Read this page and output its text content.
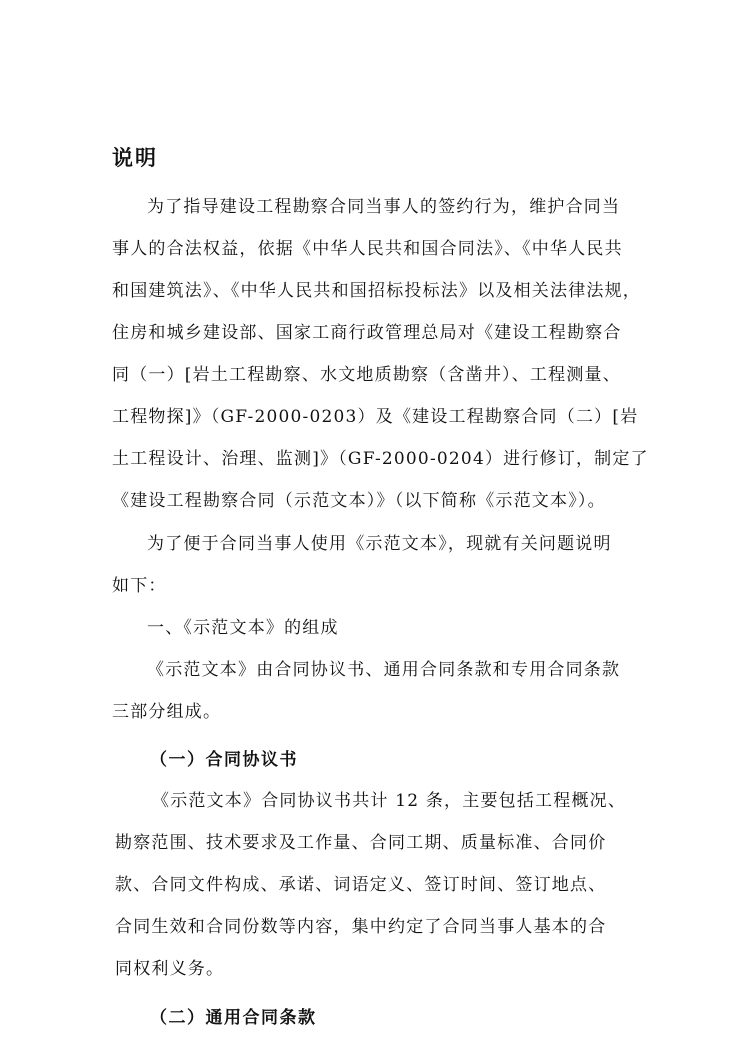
说明
为了指导建设工程勘察合同当事人的签约行为，维护合同当
事人的合法权益，依据《中华人民共和国合同法》、《中华人民共
和国建筑法》、《中华人民共和国招标投标法》以及相关法律法规，
住房和城乡建设部、国家工商行政管理总局对《建设工程勘察合
同（一）[岩土工程勘察、水文地质勘察（含凿井）、工程测量、
工程物探]》（GF-2000-0203）及《建设工程勘察合同（二）[岩
土工程设计、治理、监测]》（GF-2000-0204）进行修订，制定了
《建设工程勘察合同（示范文本）》（以下简称《示范文本》）。
为了便于合同当事人使用《示范文本》，现就有关问题说明
如下：
一、《示范文本》的组成
《示范文本》由合同协议书、通用合同条款和专用合同条款
三部分组成。
（一）合同协议书
《示范文本》合同协议书共计 12 条，主要包括工程概况、
勘察范围、技术要求及工作量、合同工期、质量标准、合同价
款、合同文件构成、承诺、词语定义、签订时间、签订地点、
合同生效和合同份数等内容，集中约定了合同当事人基本的合
同权利义务。
（二）通用合同条款
